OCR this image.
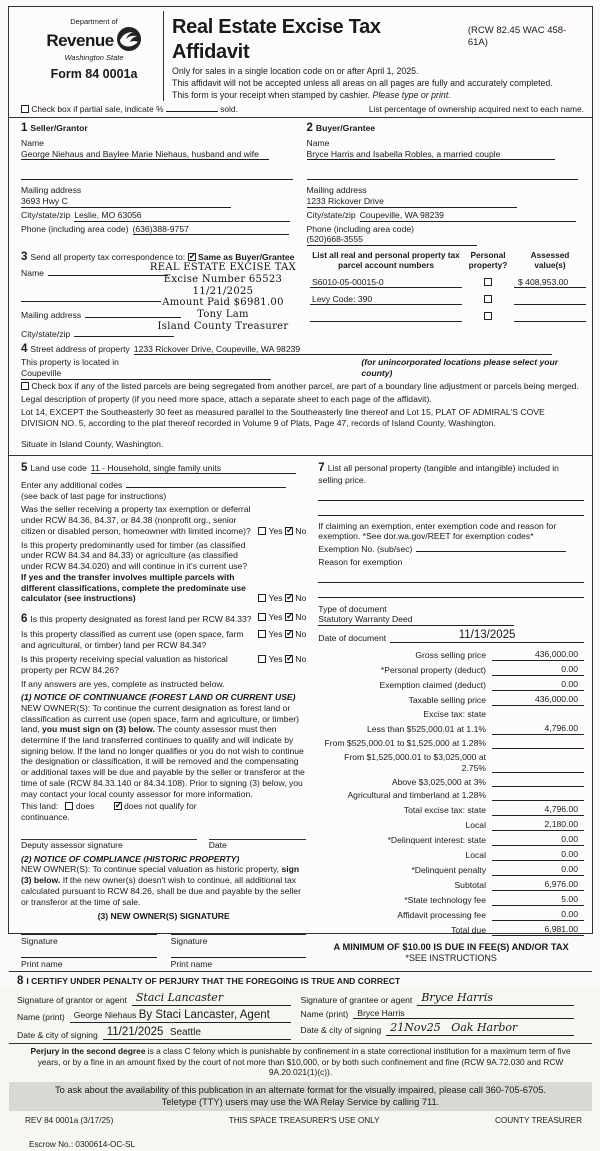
Department of
Revenue
Washington State
Form 84 0001a
Real Estate Excise Tax Affidavit
(RCW 82.45 WAC 458-61A)
Only for sales in a single location code on or after April 1, 2025.
This affidavit will not be accepted unless all areas on all pages are fully and accurately completed.
This form is your receipt when stamped by cashier. Please type or print.
Check box if partial sale, indicate %	sold.	List percentage of ownership acquired next to each name.
1 Seller/Grantor
NameGeorge Niehaus and Baylee Marie Niehaus, husband and wife
Mailing address3693 Hwy C
City/state/zip Leslie, MO 63056
Phone (including area code) (636)388-9757
2 Buyer/Grantee
NameBryce Harris and Isabella Robles, a married couple
Mailing address1233 Rickover Drive
City/state/zip Coupeville, WA 98239
Phone (including area code)(520)668-3555
3 Send all property tax correspondence to: ✓ Same as Buyer/Grantee
Name
Mailing address
City/state/zip
REAL ESTATE EXCISE TAX
Excise Number 65523
11/21/2025
Amount Paid $6981.00
Tony Lam
Island County Treasurer
List all real and personal property tax parcel account numbers
Personal property?
Assessed value(s)
S6010-05-00015-0	$ 408,953.00
Levy Code: 390
4 Street address of property 1233 Rickover Drive, Coupeville, WA 98239
This property is located inCoupeville
(for unincorporated locations please select your county)
Check box if any of the listed parcels are being segregated from another parcel, are part of a boundary line adjustment or parcels being merged.
Legal description of property (if you need more space, attach a separate sheet to each page of the affidavit).
Lot 14, EXCEPT the Southeasterly 30 feet as measured parallel to the Southeasterly line thereof and Lot 15, PLAT OF ADMIRAL'S COVE DIVISION NO. 5, according to the plat thereof recorded in Volume 9 of Plats, Page 47, records of Island County, Washington.
Situate in Island County, Washington.
5 Land use code 11 - Household, single family units
Enter any additional codes
(see back of last page for instructions)
Was the seller receiving a property tax exemption or deferral under RCW 84.36, 84.37, or 84.38 (nonprofit org., senior citizen or disabled person, homeowner with limited income)?	Yes ✓ No
Is this property predominantly used for timber (as classified under RCW 84.34 and 84.33) or agriculture (as classified under RCW 84.34.020) and will continue in it's current use? If yes and the transfer involves multiple parcels with different classifications, complete the predominate use calculator (see instructions)	Yes ✓ No
6 Is this property designated as forest land per RCW 84.33?	Yes ✓ No
Is this property classified as current use (open space, farm and agricultural, or timber) land per RCW 84.34?
Yes ✓ No
Is this property receiving special valuation as historical property per RCW 84.26?
Yes ✓ No
If any answers are yes, complete as instructed below.
(1) NOTICE OF CONTINUANCE (FOREST LAND OR CURRENT USE)
NEW OWNER(S): To continue the current designation as forest land or classification as current use (open space, farm and agriculture, or timber) land, you must sign on (3) below. The county assessor must then determine if the land transferred continues to qualify and will indicate by signing below. If the land no longer qualifies or you do not wish to continue the designation or classification, it will be removed and the compensating or additional taxes will be due and payable by the seller or transferor at the time of sale (RCW 84.33.140 or 84.34.108). Prior to signing (3) below, you may contact your local county assessor for more information.
This land: does ✓	does not qualify for
continuance.
Deputy assessor signature	Date
(2) NOTICE OF COMPLIANCE (HISTORIC PROPERTY)
NEW OWNER(S): To continue special valuation as historic property, sign (3) below. If the new owner(s) doesn't wish to continue, all additional tax calculated pursuant to RCW 84.26, shall be due and payable by the seller or transferor at the time of sale.
(3) NEW OWNER(S) SIGNATURE
Signature	Signature
Print name	Print name
7 List all personal property (tangible and intangible) included in selling price.
If claiming an exemption, enter exemption code and reason for
exemption. *See dor.wa.gov/REET for exemption codes*
Exemption No. (sub/sec)
Reason for exemption
Type of documentStatutory Warranty Deed
Date of document	11/13/2025
Gross selling price	436,000.00
*Personal property (deduct)	0.00
Exemption claimed (deduct)	0.00
Taxable selling price	436,000.00
Excise tax: state
Less than $525,000.01 at 1.1%	4,796.00
From $525,000.01 to $1,525,000 at 1.28%
From $1,525,000.01 to $3,025,000 at 2.75%
Above $3,025,000 at 3%
Agricultural and timberland at 1.28%
Total excise tax: state	4,796.00
Local	2,180.00
*Delinquent interest: state	0.00
Local	0.00
*Delinquent penalty	0.00
Subtotal	6,976.00
*State technology fee	5.00
Affidavit processing fee	0.00
Total due	6,981.00
A MINIMUM OF $10.00 IS DUE IN FEE(S) AND/OR TAX
*SEE INSTRUCTIONS
8 I CERTIFY UNDER PENALTY OF PERJURY THAT THE FOREGOING IS TRUE AND CORRECT
Signature of grantor or agent Staci Lancaster
Name (print)	George Niehaus By Staci Lancaster, Agent
Date & city of signing 11/21/2025 Seattle
Signature of grantee or agent Bryce Harris
Name (print)	Bryce Harris
Date & city of signing 21Nov25 Oak Harbor
Perjury in the second degree is a class C felony which is punishable by confinement in a state correctional institution for a maximum term of five years, or by a fine in an amount fixed by the court of not more than $10,000, or by both such confinement and fine (RCW 9A.72.030 and RCW 9A.20.021(1)(c)).
To ask about the availability of this publication in an alternate format for the visually impaired, please call 360-705-6705. Teletype (TTY) users may use the WA Relay Service by calling 711.
REV 84 0001a (3/17/25)	THIS SPACE TREASURER'S USE ONLY	COUNTY TREASURER
Escrow No.: 0300614-OC-SL
